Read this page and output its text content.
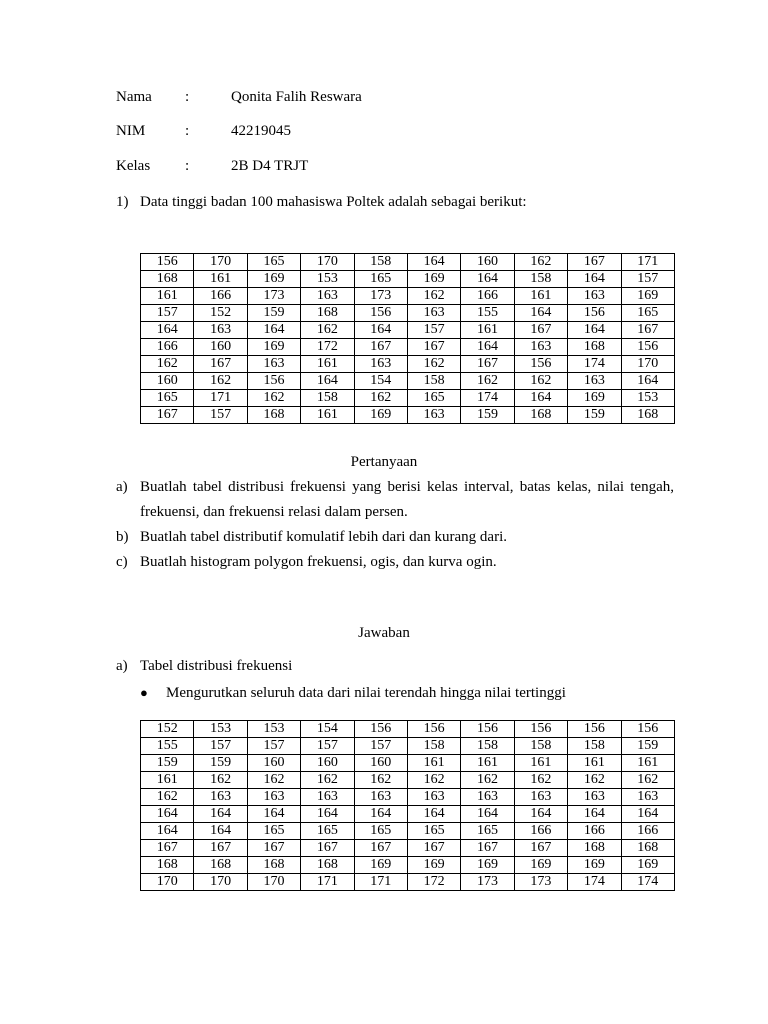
Nama :	Qonita Falih Reswara
NIM	:	42219045
Kelas :	2B D4 TRJT
1) Data tinggi badan 100 mahasiswa Poltek adalah sebagai berikut:
156	170	165	170	158	164	160	162	167	171
168	161	169	153	165	169	164	158	164	157
161	166	173	163	173	162	166	161	163	169
157	152	159	168	156	163	155	164	156	165
164	163	164	162	164	157	161	167	164	167
166	160	169	172	167	167	164	163	168	156
162	167	163	161	163	162	167	156	174	170
160	162	156	164	154	158	162	162	163	164
165	171	162	158	162	165	174	164	169	153
167	157	168	161	169	163	159	168	159	168
Pertanyaan
a) Buatlah tabel distribusi frekuensi yang berisi kelas interval, batas kelas, nilai tengah,
frekuensi, dan frekuensi relasi dalam persen.
b) Buatlah tabel distributif komulatif lebih dari dan kurang dari.
c) Buatlah histogram polygon frekuensi, ogis, dan kurva ogin.
Jawaban
a) Tabel distribusi frekuensi
● Mengurutkan seluruh data dari nilai terendah hingga nilai tertinggi
152	153	153	154	156	156	156	156	156	156
155	157	157	157	157	158	158	158	158	159
159	159	160	160	160	161	161	161	161	161
161	162	162	162	162	162	162	162	162	162
162	163	163	163	163	163	163	163	163	163
164	164	164	164	164	164	164	164	164	164
164	164	165	165	165	165	165	166	166	166
167	167	167	167	167	167	167	167	168	168
168	168	168	168	169	169	169	169	169	169
170	170	170	171	171	172	173	173	174	174
